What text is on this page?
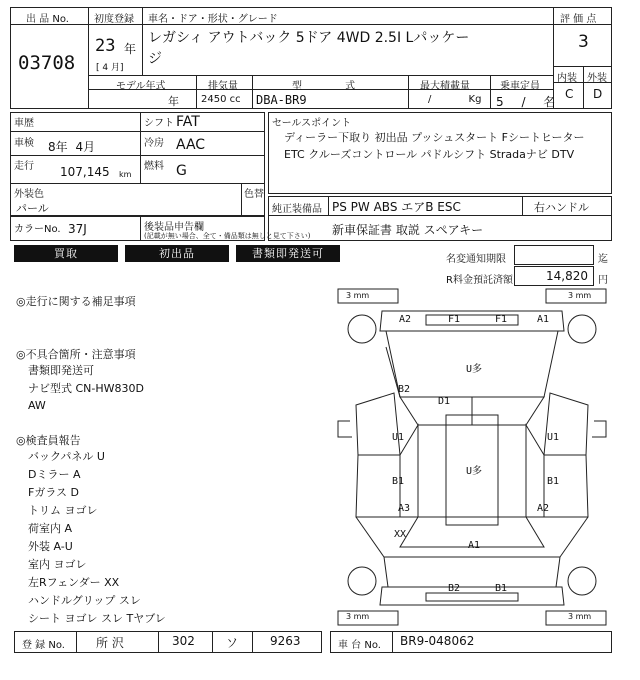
出 品 No.
03708
初度登録
23 年
[ 4 月]
車名・ドア・形状・グレード
レガシィ アウトバック 5ドア 4WD 2.5I Lパッケー
ジ
評 価 点
3
内装 外装
C D
モデル年式
年
排気量
2450 cc
型 式
DBA-BR9
最大積載量
/ Kg
乗車定員
5 / 名
車歴	シフト FAT
車検 8年 4月	冷房 AAC
走行 107,145 km
燃料 G
外装色
パール
色替
カラーNo. 37J	後装品申告欄
(記載が無い場合、全て・備品類は無しと見て下さい)
セールスポイント
ディーラー下取り 初出品 プッシュスタート Fシートヒーター
ETC クルーズコントロール パドルシフト Stradaナビ DTV
純正装備品 PS PW ABS エアB ESC	右ハンドル
新車保証書 取説 スペアキー
買取	初出品	書類即発送可	名変通知期限	迄
R料金預託済額	14,820 円
◎走行に関する補足事項
◎不具合箇所・注意事項
書類即発送可
ナビ型式 CN-HW830D
AW
◎検査員報告
バックパネル U
Dミラー A
Fガラス D
トリム ヨゴレ
荷室内 A
外装 A-U
室内 ヨゴレ
左Rフェンダー XX
ハンドルグリップ スレ
シート ヨゴレ スレ Tヤブレ
3 mm	3 mm
3 mm	3 mm
A2	F1	F1	A1
U多
B2
D1
U1	U1
B1
U多
B1
A3	A2
XX
A1
B2	B1
登 録 No.	所 沢	302	ソ	9263	車 台 No. BR9-048062
